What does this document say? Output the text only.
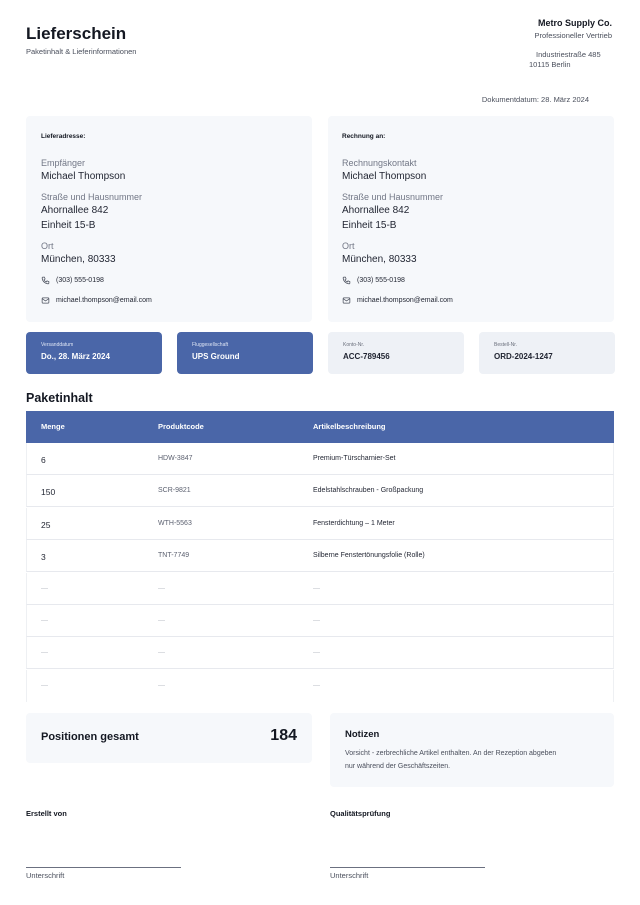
Lieferschein
Paketinhalt & Lieferinformationen
Metro Supply Co.
Professioneller Vertrieb
Industriestraße 485
10115 Berlin
Dokumentdatum: 28. März 2024
Lieferadresse:
Empfänger
Michael Thompson
Straße und Hausnummer
Ahornallee 842
Einheit 15-B
Ort
München, 80333
(303) 555-0198
michael.thompson@email.com
Rechnung an:
Rechnungskontakt
Michael Thompson
Straße und Hausnummer
Ahornallee 842
Einheit 15-B
Ort
München, 80333
(303) 555-0198
michael.thompson@email.com
Versanddatum
Do., 28. März 2024
Fluggesellschaft
UPS Ground
Konto-Nr.
ACC-789456
Bestell-Nr.
ORD-2024-1247
Paketinhalt
Menge	Produktcode	Artikelbeschreibung
6	HDW-3847	Premium-Türscharnier-Set
150	SCR-9821	Edelstahlschrauben - Großpackung
25	WTH-5563	Fensterdichtung – 1 Meter
3	TNT-7749	Silberne Fenstertönungsfolie (Rolle)
—	—	—
—	—	—
—	—	—
—	—	—
Positionen gesamt	184	Notizen
Vorsicht - zerbrechliche Artikel enthalten. An der Rezeption abgeben
nur während der Geschäftszeiten.
Erstellt von
Unterschrift
Qualitätsprüfung
Unterschrift
